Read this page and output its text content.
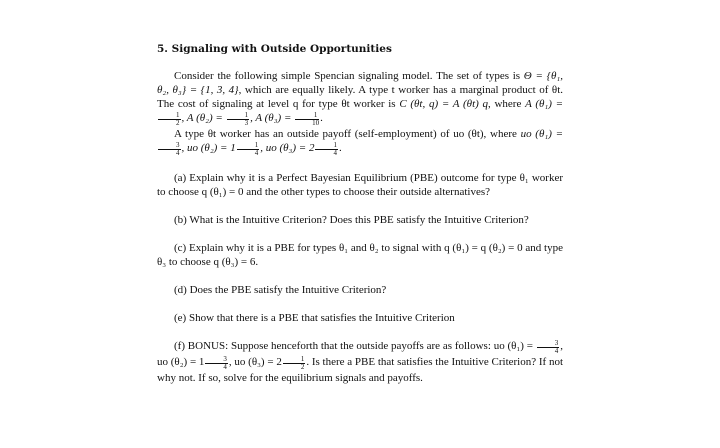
5. Signaling with Outside Opportunities

Consider the following simple Spencian signaling model. The set of types is Θ = {θ₁, θ₂, θ₃} = {1, 3, 4}, which are equally likely. A type t worker has a marginal product of θt. The cost of signaling at level q for type θt worker is C (θt, q) = A (θt) q, where A (θ₁) =
$\frac{1}{2}$ , A $(\theta_2) = \frac{1}{3}$ , A $(\theta_3) = \frac{1}{10}$ .

A type θt worker has an outside payoff (self-employment) of uo (θt), where uo (θ₁) =
$\frac{3}{4}$ , uo $(\theta_2) = 1 \frac{1}{4}$ , uo $(\theta_3) = 2 \frac{1}{4}$ .

(a) Explain why it is a Perfect Bayesian Equilibrium (PBE) outcome for type θ₁ worker to choose q (θ₁) = 0 and the other types to choose their outside alternatives?

(b) What is the Intuitive Criterion? Does this PBE satisfy the Intuitive Criterion?

(c) Explain why it is a PBE for types θ₁ and θ₂ to signal with q (θ₁) = q (θ₂) = 0 and type θ₃ to choose q (θ₃) = 6.

(d) Does the PBE satisfy the Intuitive Criterion?

(e) Show that there is a PBE that satisfies the Intuitive Criterion

(f) BONUS: Suppose henceforth that the outside payoffs are as follows: uo $(\theta_1) = \frac{3}{4}$ , uo $(\theta_2) = 1 \frac{3}{4}$ , uo $(\theta_3) = 2 \frac{1}{2}$ . Is there a PBE that satisfies the Intuitive Criterion? If not why not. If so, solve for the equilibrium signals and payoffs.
